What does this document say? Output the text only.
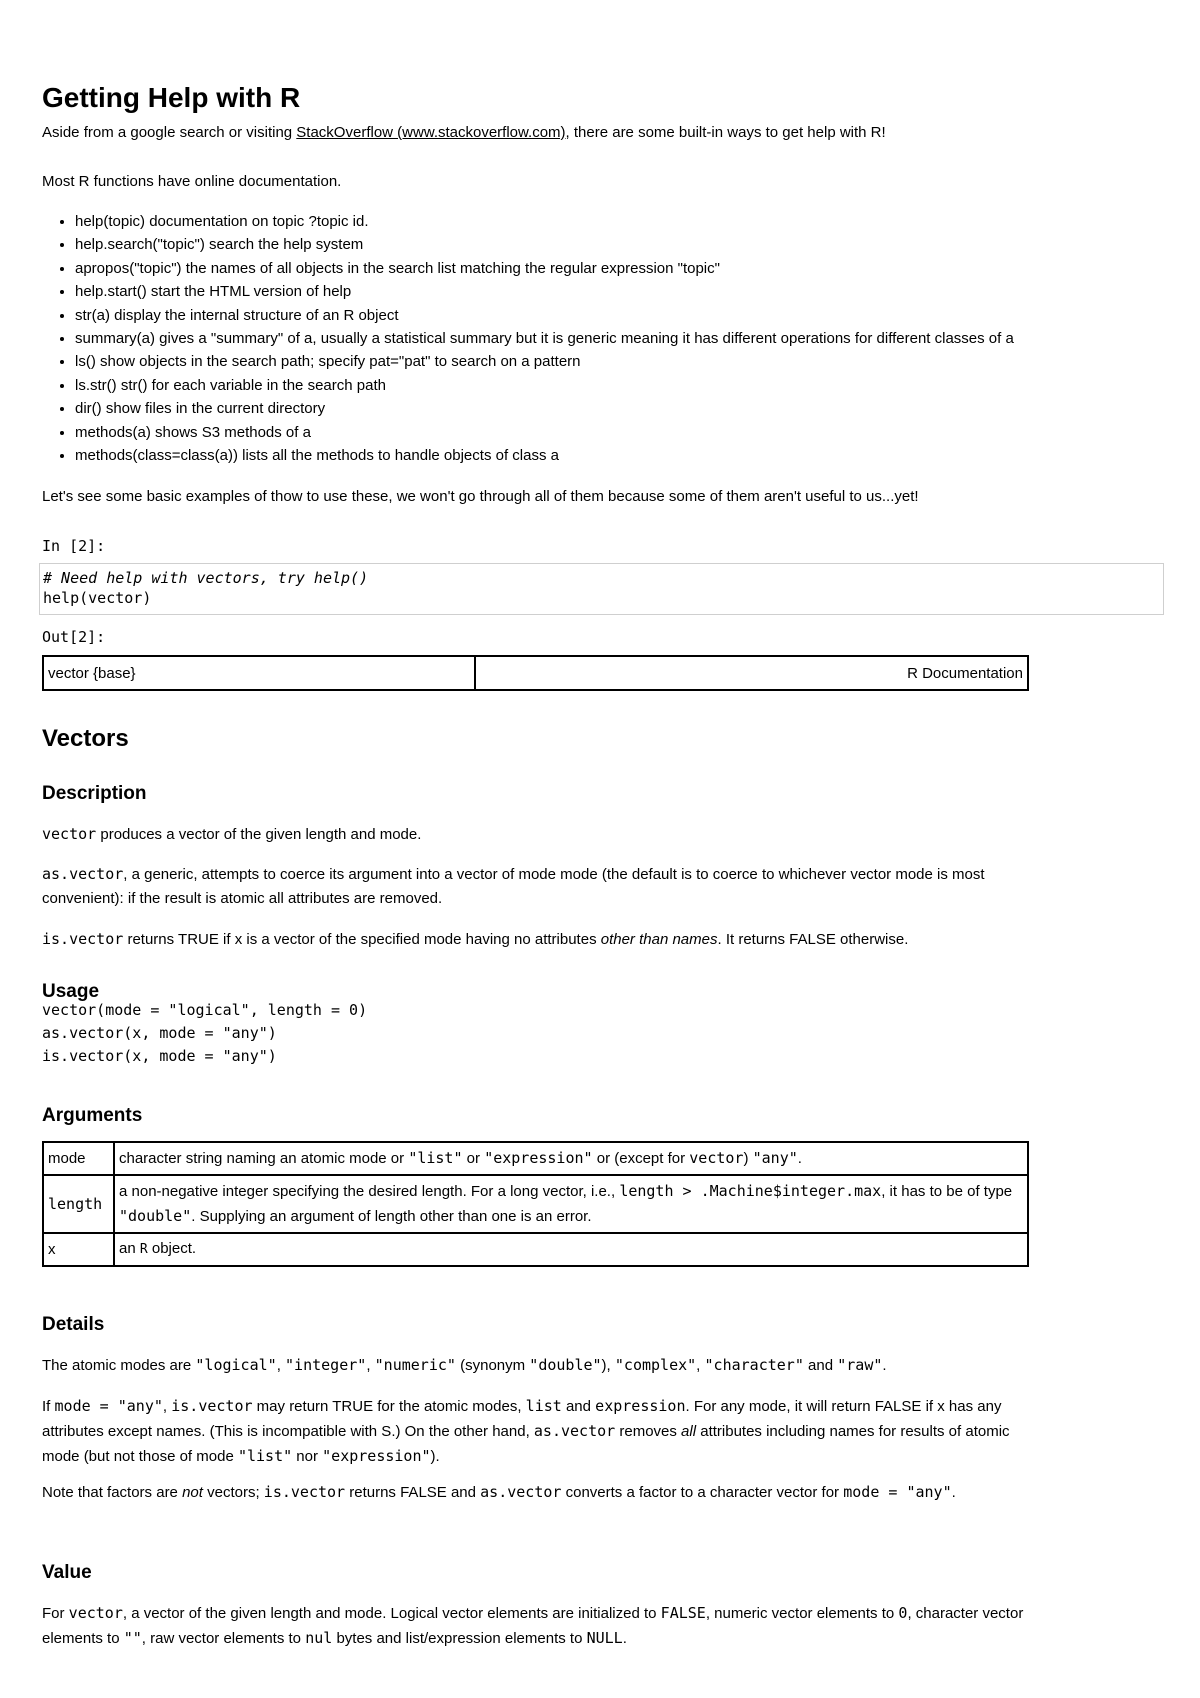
Getting Help with R

Aside from a google search or visiting StackOverflow (www.stackoverflow.com), there are some built-in ways to get help with R!

Most R functions have online documentation.

• help(topic) documentation on topic ?topic id.
• help.search("topic") search the help system
• apropos("topic") the names of all objects in the search list matching the regular expression "topic"
• help.start() start the HTML version of help
• str(a) display the internal structure of an R object
• summary(a) gives a "summary" of a, usually a statistical summary but it is generic meaning it has different operations for different classes of a
• ls() show objects in the search path; specify pat="pat" to search on a pattern
• ls.str() str() for each variable in the search path
• dir() show files in the current directory
• methods(a) shows S3 methods of a
• methods(class=class(a)) lists all the methods to handle objects of class a

Let's see some basic examples of thow to use these, we won't go through all of them because some of them aren't useful to us...yet!

In [2]:
# Need help with vectors, try help()
help(vector)
Out[2]:
vector {base}	R Documentation
Vectors
Description

vector produces a vector of the given length and mode.

as.vector, a generic, attempts to coerce its argument into a vector of mode mode (the default is to coerce to whichever vector mode is most convenient): if the result is atomic all attributes are removed.

is.vector returns TRUE if x is a vector of the specified mode having no attributes other than names. It returns FALSE otherwise.

Usage
vector(mode = "logical", length = 0)
as.vector(x, mode = "any")
is.vector(x, mode = "any")
Arguments
mode	character string naming an atomic mode or "list" or "expression" or (except for vector) "any".
length	a non-negative integer specifying the desired length. For a long vector, i.e., length > .Machine$integer.max, it has to be of type "double". Supplying an argument of length other than one is an error.
x	an R object.
Details

The atomic modes are "logical", "integer", "numeric" (synonym "double"), "complex", "character" and "raw".

If mode = "any", is.vector may return TRUE for the atomic modes, list and expression. For any mode, it will return FALSE if x has any attributes except names. (This is incompatible with S.) On the other hand, as.vector removes all attributes including names for results of atomic mode (but not those of mode "list" nor "expression").

Note that factors are not vectors; is.vector returns FALSE and as.vector converts a factor to a character vector for mode = "any".

Value

For vector, a vector of the given length and mode. Logical vector elements are initialized to FALSE, numeric vector elements to 0, character vector elements to "", raw vector elements to nul bytes and list/expression elements to NULL.
